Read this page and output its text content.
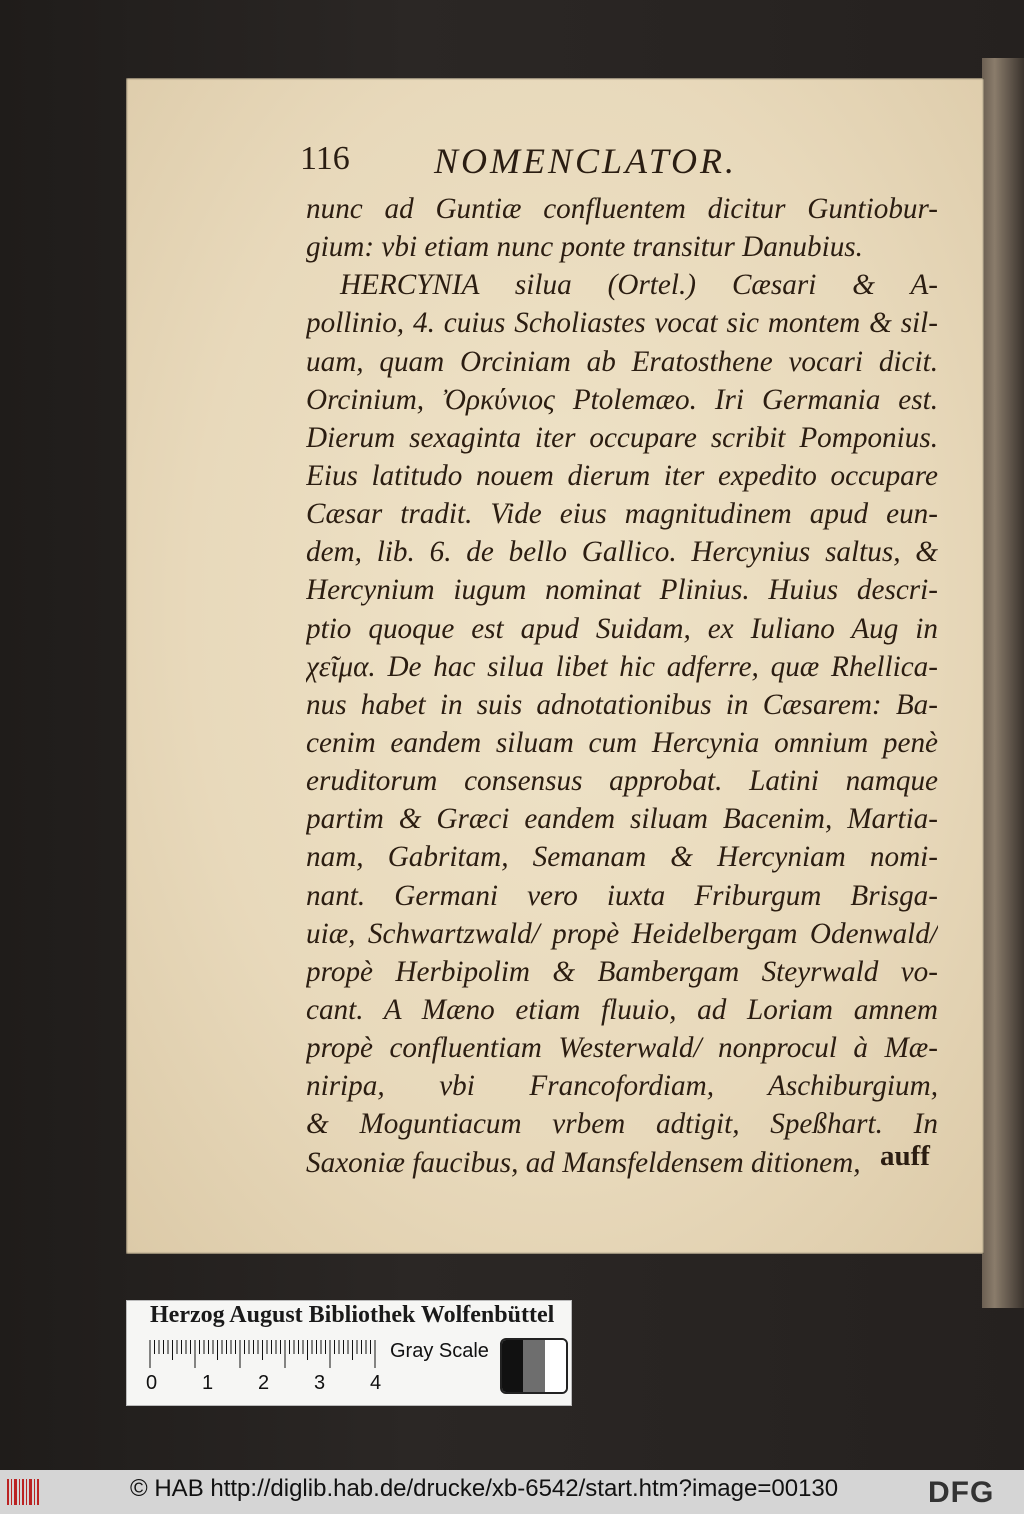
116 NOMENCLATOR.
nunc ad Guntiæ confluentem dicitur Guntiobur-
gium: vbi etiam nunc ponte transitur Danubius.
HERCYNIA silua (Ortel.) Cæsari & A-
pollinio, 4. cuius Scholiastes vocat sic montem & sil-
uam, quam Orciniam ab Eratosthene vocari dicit.
Orcinium, Ὀρκύνιος Ptolemæo. Iri Germania est.
Dierum sexaginta iter occupare scribit Pomponius.
Eius latitudo nouem dierum iter expedito occupare
Cæsar tradit. Vide eius magnitudinem apud eun-
dem, lib. 6. de bello Gallico. Hercynius saltus, &
Hercynium iugum nominat Plinius. Huius descri-
ptio quoque est apud Suidam, ex Iuliano Aug in
χεῖμα. De hac silua libet hic adferre, quæ Rhellica-
nus habet in suis adnotationibus in Cæsarem: Ba-
cenim eandem siluam cum Hercynia omnium penè
eruditorum consensus approbat. Latini namque
partim & Græci eandem siluam Bacenim, Martia-
nam, Gabritam, Semanam & Hercyniam nomi-
nant. Germani vero iuxta Friburgum Brisga-
uiæ, Schwartzwald/ propè Heidelbergam Odenwald/
propè Herbipolim & Bambergam Steyrwald vo-
cant. A Mæno etiam fluuio, ad Loriam amnem
propè confluentiam Westerwald/ nonprocul à Mæ-
niripa, vbi Francofordiam, Aschiburgium,
& Moguntiacum vrbem adtigit, Speßhart. In
Saxoniæ faucibus, ad Mansfeldensem ditionem, auff
Herzog August Bibliothek Wolfenbüttel
0 1 2 3 4
Gray Scale
© HAB http://diglib.hab.de/drucke/xb-6542/start.htm?image=00130	DFG
